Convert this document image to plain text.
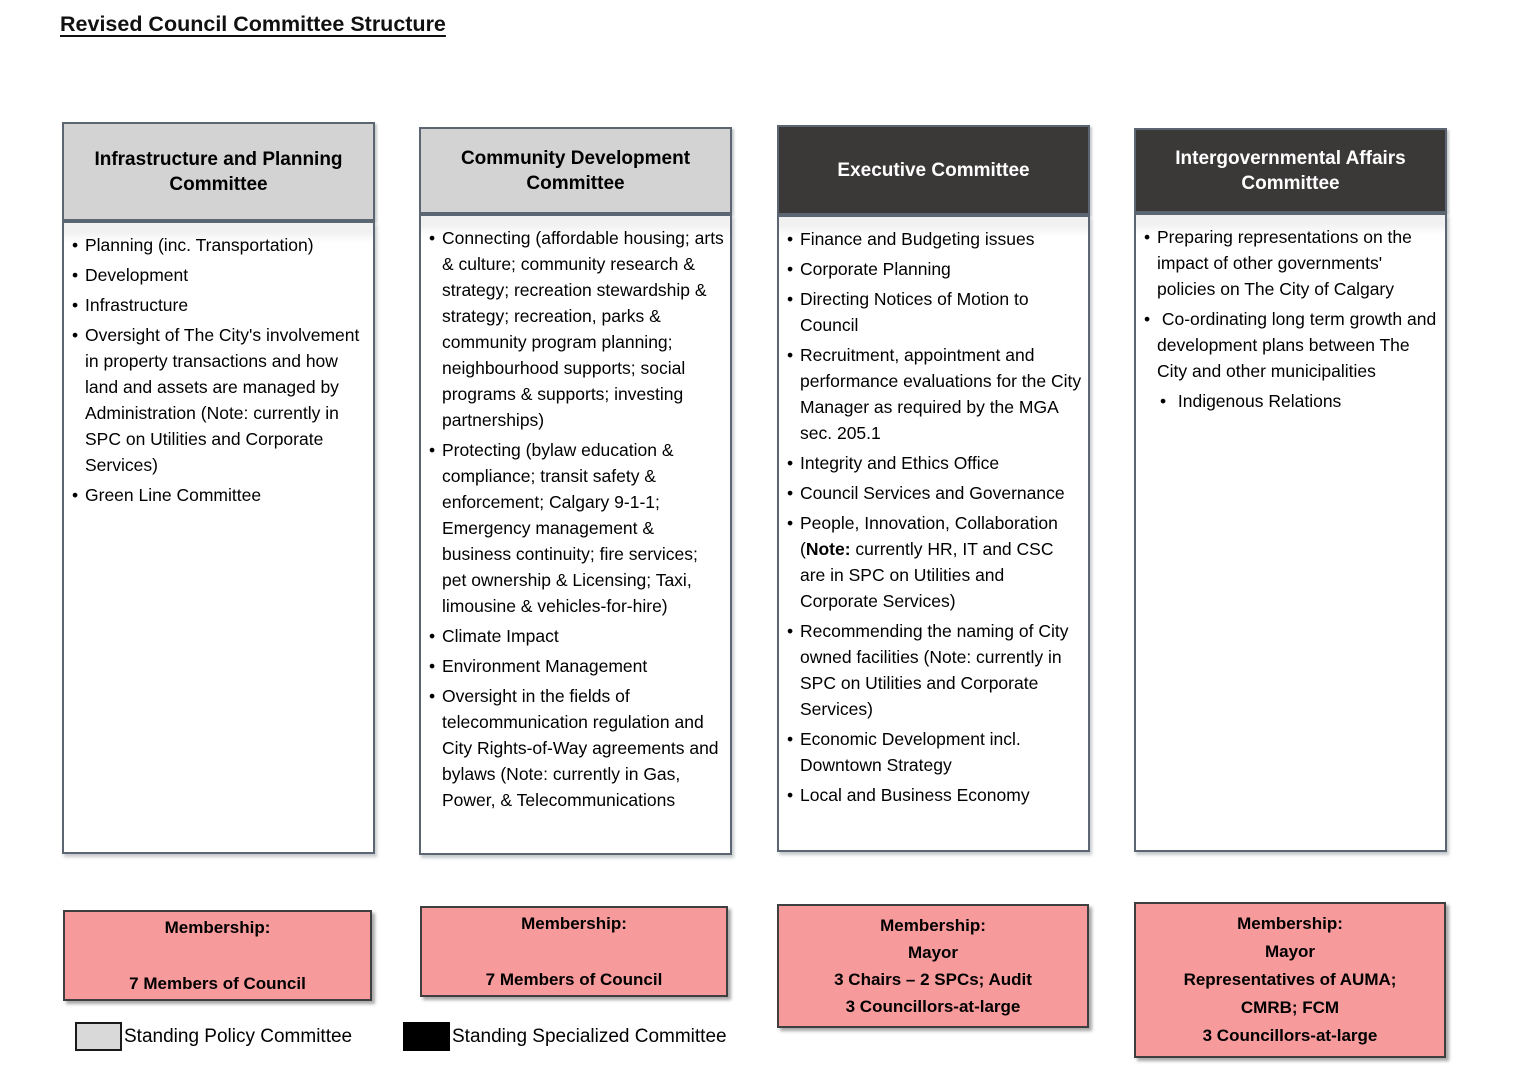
Revised Council Committee Structure
Infrastructure and Planning Committee
• Planning (inc. Transportation)
• Development
• Infrastructure
• Oversight of The City's involvement in property transactions and how land and assets are managed by Administration (Note: currently in SPC on Utilities and Corporate Services)
• Green Line Committee
Community Development Committee
• Connecting (affordable housing; arts & culture; community research & strategy; recreation stewardship & strategy; recreation, parks & community program planning; neighbourhood supports; social programs & supports; investing partnerships)
• Protecting (bylaw education & compliance; transit safety & enforcement; Calgary 9-1-1; Emergency management & business continuity; fire services; pet ownership & Licensing; Taxi, limousine & vehicles-for-hire)
• Climate Impact
• Environment Management
• Oversight in the fields of telecommunication regulation and City Rights-of-Way agreements and bylaws (Note: currently in Gas, Power, & Telecommunications
Executive Committee
• Finance and Budgeting issues
• Corporate Planning
• Directing Notices of Motion to Council
• Recruitment, appointment and performance evaluations for the City Manager as required by the MGA sec. 205.1
• Integrity and Ethics Office
• Council Services and Governance
• People, Innovation, Collaboration (Note: currently HR, IT and CSC are in SPC on Utilities and Corporate Services)
• Recommending the naming of City owned facilities (Note: currently in SPC on Utilities and Corporate Services)
• Economic Development incl. Downtown Strategy
• Local and Business Economy
Intergovernmental Affairs Committee
• Preparing representations on the impact of other governments' policies on The City of Calgary
•  Co-ordinating long term growth and development plans between The City and other municipalities
•  Indigenous Relations
Membership:
7 Members of Council
Membership:
7 Members of Council
Membership:
Mayor
3 Chairs – 2 SPCs; Audit
3 Councillors-at-large
Membership:
Mayor
Representatives of AUMA;
CMRB; FCM
3 Councillors-at-large
Standing Policy Committee	Standing Specialized Committee
